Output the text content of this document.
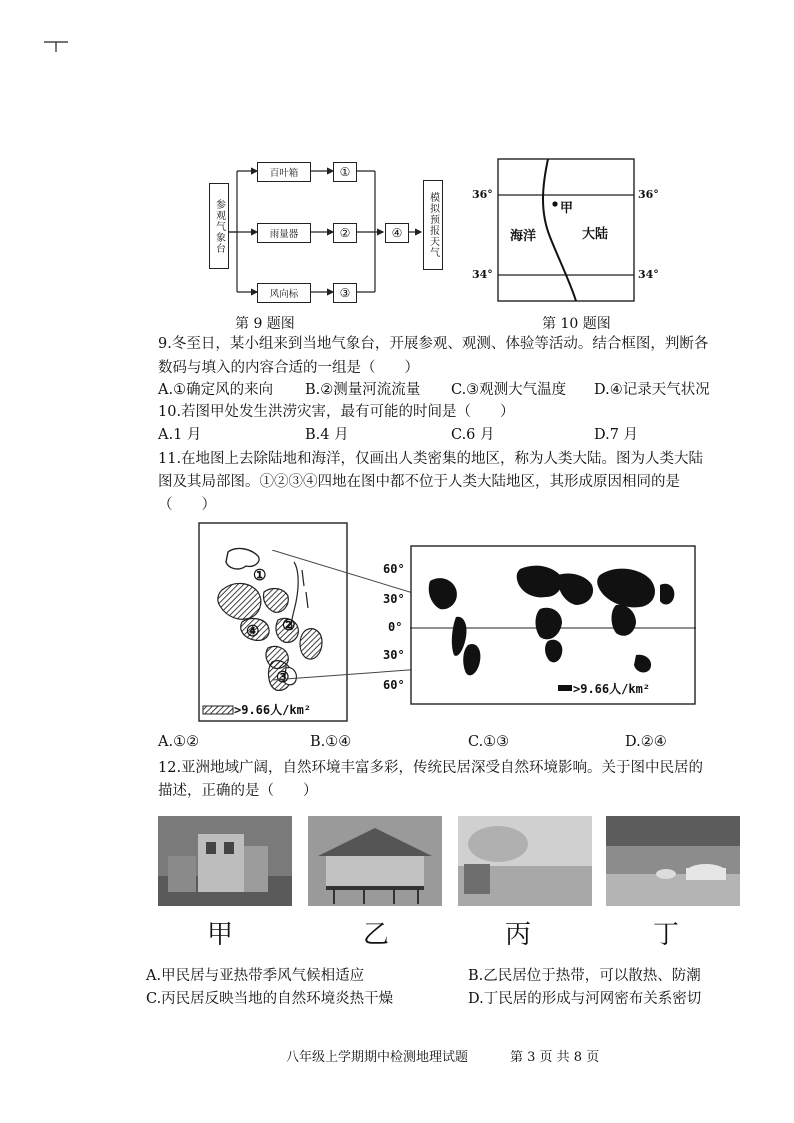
参观气象台
百叶箱
雨量器
风向标
①
②
③
④	模拟预报天气
第 9 题图
36°	36°
34°	34°
甲
海洋	大陆
第 10 题图
9.冬至日，某小组来到当地气象台，开展参观、观测、体验等活动。结合框图，判断各
数码与填入的内容合适的一组是（　　）
A.①确定风的来向 B.②测量河流流量 C.③观测大气温度 D.④记录天气状况
10.若图甲处发生洪涝灾害，最有可能的时间是（　　）
A.1 月	B.4 月	C.6 月	D.7 月
11.在地图上去除陆地和海洋，仅画出人类密集的地区，称为人类大陆。图为人类大陆
图及其局部图。①②③④四地在图中都不位于人类大陆地区，其形成原因相同的是
（　　）
①
②
④
③
>9.66人/km²
>9.66人/km²
60°
30°
0°
30°
60°
A.①②	B.①④	C.①③	D.②④
12.亚洲地域广阔，自然环境丰富多彩，传统民居深受自然环境影响。关于图中民居的
描述，正确的是（　　）
甲	乙	丙	丁
A.甲民居与亚热带季风气候相适应	B.乙民居位于热带，可以散热、防潮
C.丙民居反映当地的自然环境炎热干燥	D.丁民居的形成与河网密布关系密切
八年级上学期期中检测地理试题	第 3 页 共 8 页
